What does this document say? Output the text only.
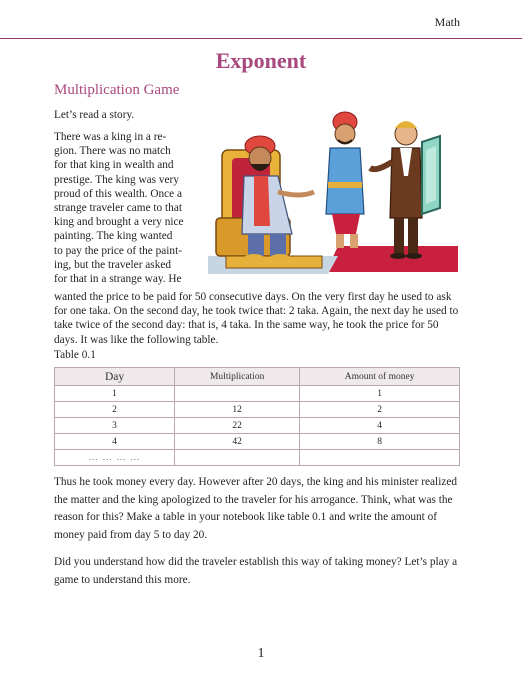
Math
Exponent
Multiplication Game
Let’s read a story.
There was a king in a re-
gion. There was no match
for that king in wealth and
prestige. The king was very
proud of this wealth. Once a
strange traveler came to that
king and brought a very nice
painting. The king wanted
to pay the price of the paint-
ing, but the traveler asked
for that in a strange way. He
wanted the price to be paid for 50 consecutive days. On the very first day he used to ask for one taka. On the second day, he took twice that: 2 taka. Again, the next day he used to take twice of the second day: that is, 4 taka. In the same way, he took the price for 50 days. It was like the following table.
Table 0.1
Day	Multiplication	Amount of money
1		1
2	12	2
3	22	4
4	42	8
… … … …		
Thus he took money every day. However after 20 days, the king and his minister realized the matter and the king apologized to the traveler for his arrogance. Think, what was the reason for this? Make a table in your notebook like table 0.1 and write the amount of money paid from day 5 to day 20.
Did you understand how did the traveler establish this way of taking money? Let’s play a game to understand this more.
1
